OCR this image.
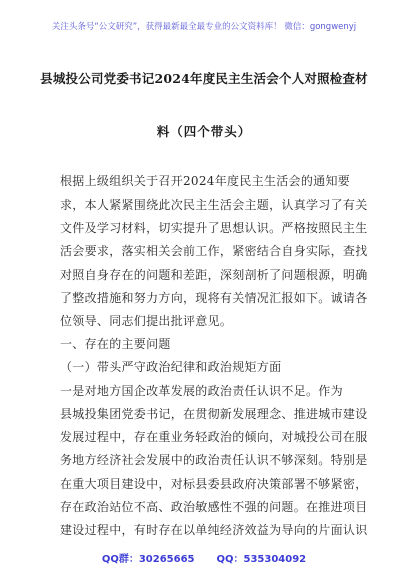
关注头条号“公文研究”，获得最新最全最专业的公文资料库！ 微信：gongwenyj
县城投公司党委书记2024年度民主生活会个人对照检查材
料（四个带头）
根据上级组织关于召开2024年度民主生活会的通知要
求，本人紧紧围绕此次民主生活会主题，认真学习了有关
文件及学习材料，切实提升了思想认识。严格按照民主生
活会要求，落实相关会前工作，紧密结合自身实际，查找
对照自身存在的问题和差距，深刻剖析了问题根源，明确
了整改措施和努力方向，现将有关情况汇报如下。诚请各
位领导、同志们提出批评意见。
一、存在的主要问题
（一）带头严守政治纪律和政治规矩方面
一是对地方国企改革发展的政治责任认识不足。作为
县城投集团党委书记，在贯彻新发展理念、推进城市建设
发展过程中，存在重业务轻政治的倾向，对城投公司在服
务地方经济社会发展中的政治责任认识不够深刻。特别是
在重大项目建设中，对标县委县政府决策部署不够紧密，
存在政治站位不高、政治敏感性不强的问题。在推进项目
建设过程中，有时存在以单纯经济效益为导向的片面认识
QQ群：30265665 QQ：535304092
